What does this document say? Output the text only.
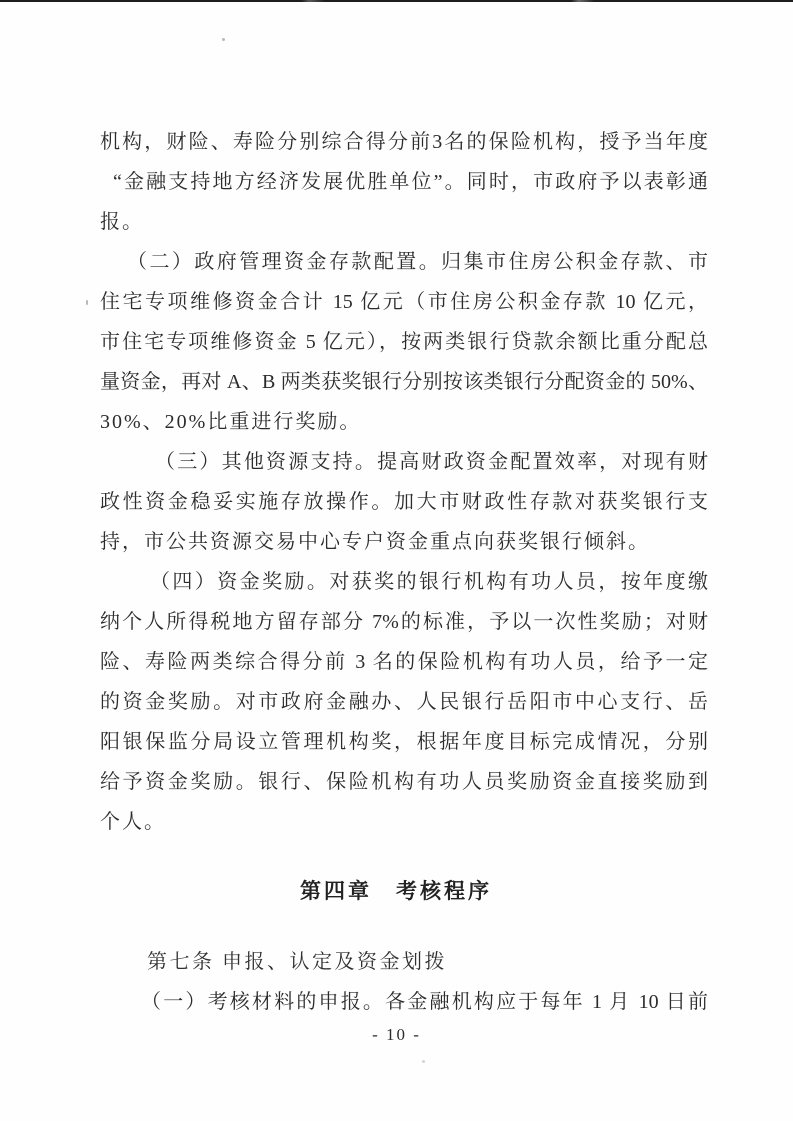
机构，财险、寿险分别综合得分前3名的保险机构，授予当年度
“金融支持地方经济发展优胜单位”。同时，市政府予以表彰通
报。
（二）政府管理资金存款配置。归集市住房公积金存款、市
住宅专项维修资金合计 15 亿元（市住房公积金存款 10 亿元，
市住宅专项维修资金 5 亿元），按两类银行贷款余额比重分配总
量资金，再对 A、B 两类获奖银行分别按该类银行分配资金的 50%、
30%、20%比重进行奖励。
（三）其他资源支持。提高财政资金配置效率，对现有财
政性资金稳妥实施存放操作。加大市财政性存款对获奖银行支
持，市公共资源交易中心专户资金重点向获奖银行倾斜。
（四）资金奖励。对获奖的银行机构有功人员，按年度缴
纳个人所得税地方留存部分 7%的标准，予以一次性奖励；对财
险、寿险两类综合得分前 3 名的保险机构有功人员，给予一定
的资金奖励。对市政府金融办、人民银行岳阳市中心支行、岳
阳银保监分局设立管理机构奖，根据年度目标完成情况，分别
给予资金奖励。银行、保险机构有功人员奖励资金直接奖励到
个人。
第四章　考核程序
第七条 申报、认定及资金划拨
（一）考核材料的申报。各金融机构应于每年 1 月 10 日前
- 10 -
